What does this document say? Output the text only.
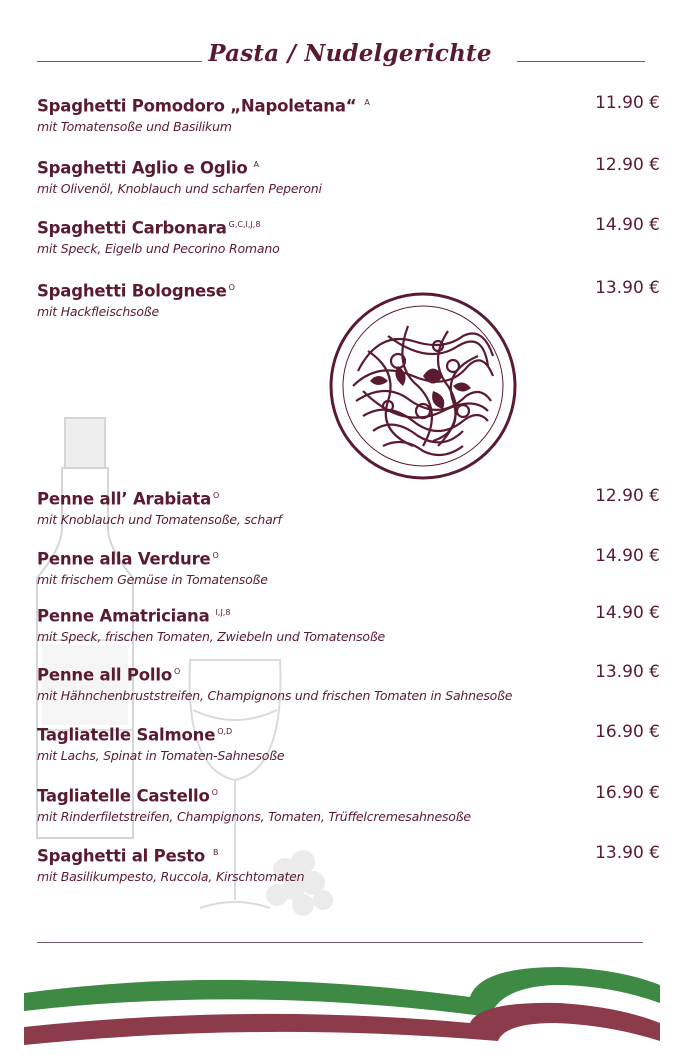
Pasta / Nudelgerichte
Spaghetti Pomodoro „Napoletana“ $^A$
mit Tomatensoße und Basilikum
11.90 €
Spaghetti Aglio e Oglio $^A$
mit Olivenöl, Knoblauch und scharfen Peperoni
12.90 €
Spaghetti Carbonara $^{G,C,I,J,8}$
mit Speck, Eigelb und Pecorino Romano
14.90 €
Spaghetti Bolognese $^O$
mit Hackfleischsoße
13.90 €
Penne all’ Arabiata $^O$
mit Knoblauch und Tomatensoße, scharf
12.90 €
Penne alla Verdure $^O$
mit frischem Gemüse in Tomatensoße
14.90 €
Penne Amatriciana $^{I,J,8}$
mit Speck, frischen Tomaten, Zwiebeln und Tomatensoße
14.90 €
Penne all Pollo $^O$
mit Hähnchenbruststreifen, Champignons und frischen Tomaten in Sahnesoße
13.90 €
Tagliatelle Salmone $^{O,D}$
mit Lachs, Spinat in Tomaten-Sahnesoße
16.90 €
Tagliatelle Castello $^O$
mit Rinderfiletstreifen, Champignons, Tomaten, Trüffelcremesahnesoße
16.90 €
Spaghetti al Pesto $^B$
mit Basilikumpesto, Ruccola, Kirschtomaten
13.90 €
